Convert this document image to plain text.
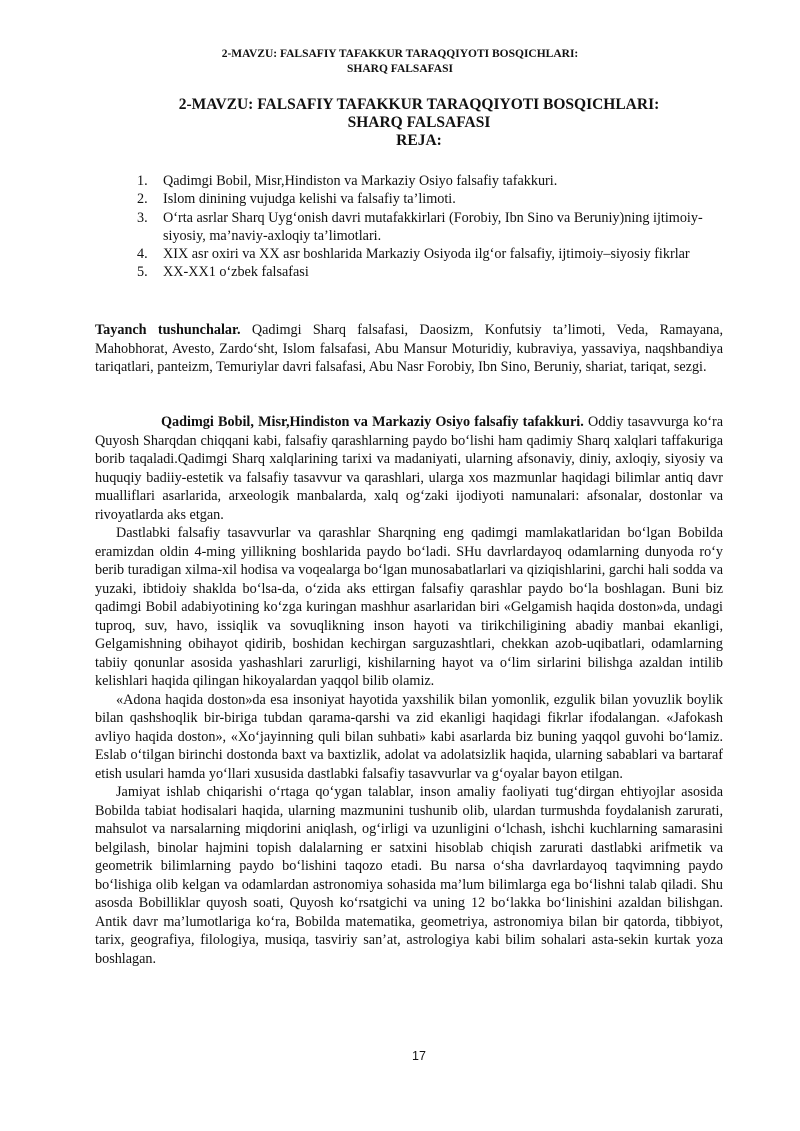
2-MAVZU: FALSAFIY TAFAKKUR TARAQQIYOTI BOSQICHLARI:
SHARQ FALSAFASI
2-MAVZU: FALSAFIY TAFAKKUR TARAQQIYOTI BOSQICHLARI:
SHARQ FALSAFASI
REJA:
1. Qadimgi Bobil, Misr,Hindiston va Markaziy Osiyo falsafiy tafakkuri.
2. Islom dinining vujudga kelishi va falsafiy ta’limoti.
3. O‘rta asrlar Sharq Uyg‘onish davri mutafakkirlari (Forobiy, Ibn Sino va Beruniy)ning ijtimoiy-siyosiy, ma’naviy-axloqiy ta’limotlari.
4. XIX asr oxiri va XX asr boshlarida Markaziy Osiyoda ilg‘or falsafiy, ijtimoiy–siyosiy fikrlar
5. XX-XX1 o‘zbek falsafasi
Tayanch tushunchalar. Qadimgi Sharq falsafasi, Daosizm, Konfutsiy ta’limoti, Veda, Ramayana, Mahobhorat, Avesto, Zardo‘sht, Islom falsafasi, Abu Mansur Moturidiy, kubraviya, yassaviya, naqshbandiya tariqatlari, panteizm, Temuriylar davri falsafasi, Abu Nasr Forobiy, Ibn Sino, Beruniy, shariat, tariqat, sezgi.

Qadimgi Bobil, Misr,Hindiston va Markaziy Osiyo falsafiy tafakkuri. Oddiy tasavvurga ko‘ra Quyosh Sharqdan chiqqani kabi, falsafiy qarashlarning paydo bo‘lishi ham qadimiy Sharq xalqlari taffakuriga borib taqaladi.Qadimgi Sharq xalqlarining tarixi va madaniyati, ularning afsonaviy, diniy, axloqiy, siyosiy va huquqiy badiiy-estetik va falsafiy tasavvur va qarashlari, ularga xos mazmunlar haqidagi bilimlar antiq davr mualliflari asarlarida, arxeologik manbalarda, xalq og‘zaki ijodiyoti namunalari: afsonalar, dostonlar va rivoyatlarda aks etgan.

Dastlabki falsafiy tasavvurlar va qarashlar Sharqning eng qadimgi mamlakatlaridan bo‘lgan Bobilda eramizdan oldin 4-ming yillikning boshlarida paydo bo‘ladi. SHu davrlardayoq odamlarning dunyoda ro‘y berib turadigan xilma-xil hodisa va voqealarga bo‘lgan munosabatlarlari va qiziqishlarini, garchi hali sodda va yuzaki, ibtidoiy shaklda bo‘lsa-da, o‘zida aks ettirgan falsafiy qarashlar paydo bo‘la boshlagan. Buni biz qadimgi Bobil adabiyotining ko‘zga kuringan mashhur asarlaridan biri «Gelgamish haqida doston»da, undagi tuproq, suv, havo, issiqlik va sovuqlikning inson hayoti va tirikchiligining abadiy manbai ekanligi, Gelgamishning obihayot qidirib, boshidan kechirgan sarguzashtlari, chekkan azob-uqibatlari, odamlarning tabiiy qonunlar asosida yashashlari zarurligi, kishilarning hayot va o‘lim sirlarini bilishga azaldan intilib kelishlari haqida qilingan hikoyalardan yaqqol bilib olamiz.

«Adona haqida doston»da esa insoniyat hayotida yaxshilik bilan yomonlik, ezgulik bilan yovuzlik boylik bilan qashshoqlik bir-biriga tubdan qarama-qarshi va zid ekanligi haqidagi fikrlar ifodalangan. «Jafokash avliyo haqida doston», «Xo‘jayinning quli bilan suhbati» kabi asarlarda biz buning yaqqol guvohi bo‘lamiz. Eslab o‘tilgan birinchi dostonda baxt va baxtizlik, adolat va adolatsizlik haqida, ularning sabablari va bartaraf etish usulari hamda yo‘llari xususida dastlabki falsafiy tasavvurlar va g‘oyalar bayon etilgan.

Jamiyat ishlab chiqarishi o‘rtaga qo‘ygan talablar, inson amaliy faoliyati tug‘dirgan ehtiyojlar asosida Bobilda tabiat hodisalari haqida, ularning mazmunini tushunib olib, ulardan turmushda foydalanish zarurati, mahsulot va narsalarning miqdorini aniqlash, og‘irligi va uzunligini o‘lchash, ishchi kuchlarning samarasini belgilash, binolar hajmini topish dalalarning er satxini hisoblab chiqish zarurati dastlabki arifmetik va geometrik bilimlarning paydo bo‘lishini taqozo etadi. Bu narsa o‘sha davrlardayoq taqvimning paydo bo‘lishiga olib kelgan va odamlardan astronomiya sohasida ma’lum bilimlarga ega bo‘lishni talab qiladi. Shu asosda Bobilliklar quyosh soati, Quyosh ko‘rsatgichi va uning 12 bo‘lakka bo‘linishini azaldan bilishgan. Antik davr ma’lumotlariga ko‘ra, Bobilda matematika, geometriya, astronomiya bilan bir qatorda, tibbiyot, tarix, geografiya, filologiya, musiqa, tasviriy san’at, astrologiya kabi bilim sohalari asta-sekin kurtak yoza boshlagan.

17
